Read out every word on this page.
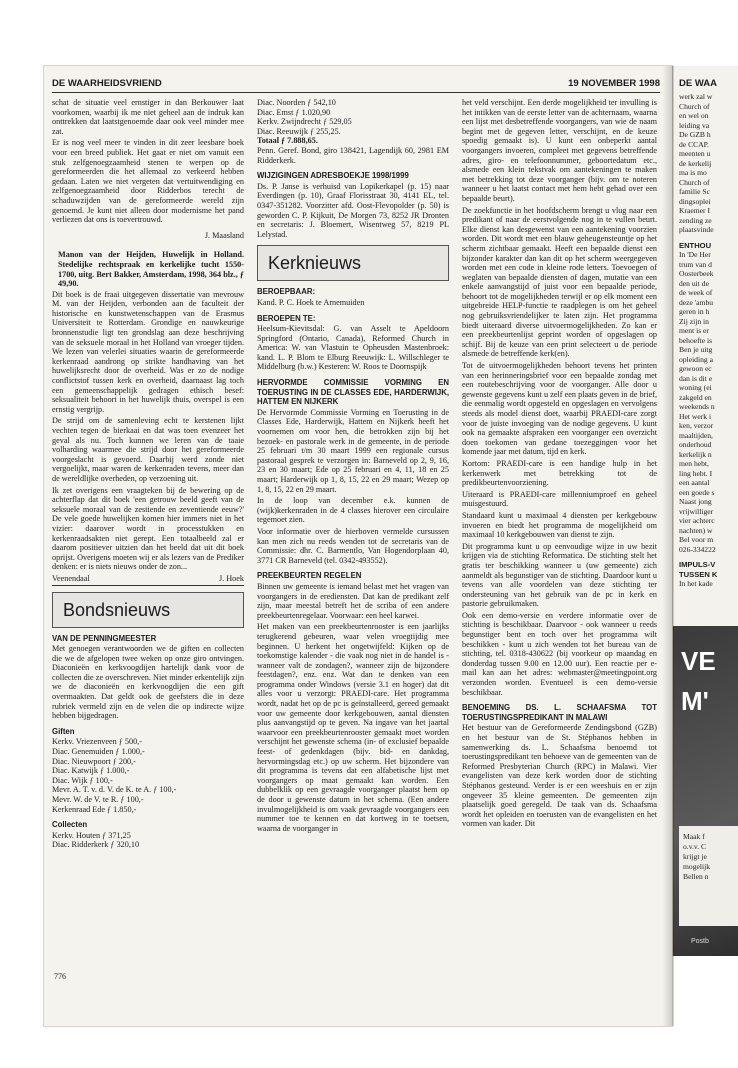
DE WAA
werk zal w
Church of
en wel on
leiding va
De GZB h
de CCAP.
meenten u
de kerkelij
ma is mo
Church of
familie Sc
dingsoplei
Kraemer I
zending ze
plaatsvinde
ENTHOU
In 'De Her
trum van d
Oosterbeek
den uit de
de week of
deze 'ambu
geren in h
Zij zijn in
ment is er
behoefte is
Ben je uitg
opleiding a
gewoon ec
dan is dit e
woning (ei
zakgeld en
weekends n
Het werk i
ken, verzor
maaltijden,
onderhoud
kerkelijk n
men hebt,
ling hebt. I
een aantal
een goede s
Naast jong
vrijwilliger
vier achterc
nachten) w
Bel voor m
026-334222
IMPULS-V
TUSSEN K
In het kade
VE
M'
Maak f
o.v.v. C
krijgt je
mogelijk
Bellen n
Postb
DE WAARHEIDSVRIEND	19 NOVEMBER 1998

schat de situatie veel ernstiger in dan Berkouwer laat voorkomen, waarbij ik me niet geheel aan de indruk kan onttrekken dat laatstgenoemde daar ook veel minder mee zat.

Er is nog veel meer te vinden in dit zeer leesbare boek voor een breed publiek. Het gaat er niet om vanuit een stuk zelfgenoegzaamheid stenen te werpen op de gereformeerden die het allemaal zo verkeerd hebben gedaan. Laten we niet vergeten dat vertuitwendiging en zelfgenoegzaamheid door Ridderbos terecht de schaduwzijden van de gereformeerde wereld zijn genoemd. Je kunt niet alleen door modernisme het pand verliezen dat ons is toevertrouwd.

J. Maasland
Manon van der Heijden, Huwelijk in Holland. Stedelijke rechtspraak en kerkelijke tucht 1550-1700, uitg. Bert Bakker, Amsterdam, 1998, 364 blz., ƒ 49,90.

Dit boek is de fraai uitgegeven dissertatie van mevrouw M. van der Heijden, verbonden aan de faculteit der historische en kunstwetenschappen van de Erasmus Universiteit te Rotterdam. Grondige en nauwkeurige bronnenstudie ligt ten grondslag aan deze beschrijving van de seksuele moraal in het Holland van vroeger tijden. We lezen van velerlei situaties waarin de gereformeerde kerkenraad aandrong op strikte handhaving van het huwelijksrecht door de overheid. Was er zo de nodige conflictstof tussen kerk en overheid, daarnaast lag toch een gemeenschappelijk gedragen ethisch besef: seksualiteit behoort in het huwelijk thuis, overspel is een ernstig vergrijp.

De strijd om de samenleving echt te kerstenen lijkt vechten tegen de bierkaai en dat was toen evenzeer het geval als nu. Toch kunnen we leren van de taaie volharding waarmee die strijd door het gereformeerde voorgeslacht is gevoerd. Daarbij werd zonde niet vergoelijkt, maar waren de kerkenraden tevens, meer dan de wereldlijke overheden, op verzoening uit.

Ik zet overigens een vraagteken bij de bewering op de achterflap dat dit boek 'een getrouw beeld geeft van de seksuele moraal van de zestiende en zeventiende eeuw?' De vele goede huwelijken komen hier immers niet in het vizier: daarover wordt in processtukken en kerkenraadsakten niet gerept. Een totaalbeeld zal er daarom positiever uitzien dan het beeld dat uit dit boek oprijst. Overigens moeten wij er als lezers van de Prediker denken: er is niets nieuws onder de zon...

Veenendaal	J. Hoek
Bondsnieuws
VAN DE PENNINGMEESTER

Met genoegen verantwoorden we de giften en collecten die we de afgelopen twee weken op onze giro ontvingen. Diaconieën en kerkvoogdijen hartelijk dank voor de collecten die ze overschreven. Niet minder erkentelijk zijn we de diaconieën en kerkvoogdijen die een gift overmaakten. Dat geldt ook de geefsters die in deze rubriek vermeld zijn en de velen die op indirecte wijze hebben bijgedragen.

Giften

Kerkv. Vriezenveen ƒ 500,-

Diac. Genemuiden ƒ 1.000,-

Diac. Nieuwpoort ƒ 200,-

Diac. Katwijk ƒ 1.000,-

Diac. Wijk ƒ 100,-

Mevr. A. T. v. d. V. de K. te A. ƒ 100,-

Mevr. W. de V. te R. ƒ 100,-

Kerkenraad Ede ƒ 1.850,-

Collecten

Kerkv. Houten ƒ 371,25

Diac. Ridderkerk ƒ 320,10

Diac. Noorden ƒ 542,10

Diac. Emst ƒ 1.020,90

Kerkv. Zwijndrecht ƒ 529,05

Diac. Reeuwijk ƒ 255,25.

Totaal ƒ 7.888,65.

Penn. Geref. Bond, giro 138421, Lagendijk 60, 2981 EM Ridderkerk.

WIJZIGINGEN ADRESBOEKJE 1998/1999

Ds. P. Janse is verhuisd van Lopikerkapel (p. 15) naar Everdingen (p. 10), Graaf Florisstraat 30, 4141 EL, tel. 0347-351282. Voorzitter afd. Oost-Flevopolder (p. 50) is geworden C. P. Kijkuit, De Morgen 73, 8252 JR Dronten en secretaris: J. Bloemert, Wisentweg 57, 8219 PL Lelystad.

Kerknieuws
BEROEPBAAR:

Kand. P. C. Hoek te Arnemuiden

BEROEPEN TE:

Heelsum-Kievitsdal: G. van Asselt te Apeldoorn Springford (Ontario, Canada), Reformed Church in America: W. van Vlastuin te Opheusden Mastenbroek: kand. L. P. Blom te Elburg Reeuwijk: L. Willschleger te Middelburg (b.w.) Kesteren: W. Roos te Doornspijk

HERVORMDE COMMISSIE VORMING EN TOERUSTING IN DE CLASSES EDE, HARDERWIJK, HATTEM EN NIJKERK

De Hervormde Commissie Vorming en Toerusting in de Classes Ede, Harderwijk, Hattem en Nijkerk heeft het voornemen om voor hen, die betrokken zijn bij het bezoek- en pastorale werk in de gemeente, in de periode 25 februari t/m 30 maart 1999 een regionale cursus pastoraal gesprek te verzorgen in: Barneveld op 2, 9, 16, 23 en 30 maart; Ede op 25 februari en 4, 11, 18 en 25 maart; Harderwijk op 1, 8, 15, 22 en 29 maart; Wezep op 1, 8, 15, 22 en 29 maart.

In de loop van december e.k. kunnen de (wijk)kerkenraden in de 4 classes hierover een circulaire tegemoet zien.

Voor informatie over de hierboven vermelde cursussen kan men zich nu reeds wenden tot de secretaris van de Commissie: dhr. C. Barmentlo, Van Hogendorplaan 40, 3771 CR Barneveld (tel. 0342-493552).

PREEKBEURTEN REGELEN

Binnen uw gemeente is iemand belast met het vragen van voorgangers in de erediensten. Dat kan de predikant zelf zijn, maar meestal betreft het de scriba of een andere preekbeurtenregelaar. Voorwaar: een heel karwei.

Het maken van een preekbeurtenrooster is een jaarlijks terugkerend gebeuren, waar velen vroegtijdig mee beginnen. U herkent het ongetwijfeld: Kijken op de toekomstige kalender - die vaak nog niet in de handel is - wanneer valt de zondagen?, wanneer zijn de bijzondere feestdagen?, enz. enz. Wat dan te denken van een programma onder Windows (versie 3.1 en hoger) dat dit alles voor u verzorgt: PRAEDI-care. Het programma wordt, nadat het op de pc is geïnstalleerd, gereed gemaakt voor uw gemeente door kerkgebouwen, aantal diensten plus aanvangstijd op te geven. Na ingave van het jaartal waarvoor een preekbeurtenrooster gemaakt moet worden verschijnt het gewenste schema (in- of exclusief bepaalde feest- of gedenkdagen (bijv. bid- en dankdag, hervormingsdag etc.) op uw scherm. Het bijzondere van dit programma is tevens dat een alfabetische lijst met voorgangers op maat gemaakt kan worden. Een dubbelklik op een gevraagde voorganger plaatst hem op de door u gewenste datum in het schema. (Een andere invulmogelijkheid is om vaak gevraagde voorgangers een nummer toe te kennen en dat kortweg in te toetsen, waarna de voorganger in

het veld verschijnt. Een derde mogelijkheid ter invulling is het intikken van de eerste letter van de achternaam, waarna een lijst met desbetreffende voorgangers, van wie de naam begint met de gegeven letter, verschijnt, en de keuze spoedig gemaakt is). U kunt een onbeperkt aantal voorgangers invoeren, compleet met gegevens betreffende adres, giro- en telefoonnummer, geboortedatum etc., alsmede een klein tekstvak om aantekeningen te maken met betrekking tot deze voorganger (bijv. om te noteren wanneer u het laatst contact met hem hebt gehad over een bepaalde beurt).

De zoekfunctie in het hoofdscherm brengt u vlug naar een predikant of naar de eerstvolgende nog in te vullen beurt. Elke dienst kan desgewenst van een aantekening voorzien worden. Dit wordt met een blauw geheugensteuntje op het scherm zichtbaar gemaakt. Heeft een bepaalde dienst een bijzonder karakter dan kan dit op het scherm weergegeven worden met een code in kleine rode letters. Toevoegen of weglaten van bepaalde diensten of dagen, mutatie van een enkele aanvangstijd of juist voor een bepaalde periode, behoort tot de mogelijkheden terwijl er op elk moment een uitgebreide HELP-functie te raadplegen is om het geheel nog gebruiksvriendelijker te laten zijn. Het programma biedt uiteraard diverse uitvoermogelijkheden. Zo kan er een preekbeurtenlijst geprint worden of opgeslagen op schijf. Bij de keuze van een print selecteert u de periode alsmede de betreffende kerk(en).

Tot de uitvoermogelijkheden behoort tevens het printen van een herinneringsbrief voor een bepaalde zondag met een routebeschrijving voor de voorganger. Alle door u gewenste gegevens kunt u zelf een plaats geven in de brief, die eenmalig wordt opgesteld en opgeslagen en vervolgens steeds als model dienst doet, waarbij PRAEDI-care zorgt voor de juiste invoeging van de nodige gegevens. U kunt ook na gemaakte afspraken een voorganger een overzicht doen toekomen van gedane toezeggingen voor het komende jaar met datum, tijd en kerk.

Kortom: PRAEDI-care is een handige hulp in het kerkenwerk met betrekking tot de predikbeurtenvoorziening.

Uiteraard is PRAEDI-care millenniumproef en geheel muisgestuurd.

Standaard kunt u maximaal 4 diensten per kerkgebouw invoeren en biedt het programma de mogelijkheid om maximaal 10 kerkgebouwen van dienst te zijn.

Dit programma kunt u op eenvoudige wijze in uw bezit krijgen via de stichting Reformatica. De stichting stelt het gratis ter beschikking wanneer u (uw gemeente) zich aanmeldt als begunstiger van de stichting. Daardoor kunt u tevens van alle voordelen van deze stichting ter ondersteuning van het gebruik van de pc in kerk en pastorie gebruikmaken.

Ook een demo-versie en verdere informatie over de stichting is beschikbaar. Daarvoor - ook wanneer u reeds begunstiger bent en toch over het programma wilt beschikken - kunt u zich wenden tot het bureau van de stichting, tel. 0318-430622 (bij voorkeur op maandag en donderdag tussen 9.00 en 12.00 uur). Een reactie per e-mail kan aan het adres: webmaster@meetingpoint.org verzonden worden. Eventueel is een demo-versie beschikbaar.

BENOEMING DS. L. SCHAAFSMA TOT TOERUSTINGSPREDIKANT IN MALAWI

Het bestuur van de Gereformeerde Zendingsbond (GZB) en het bestuur van de St. Stéphanos hebben in samenwerking ds. L. Schaafsma benoemd tot toerustingspredikant ten behoeve van de gemeenten van de Reformed Presbyterian Church (RPC) in Malawi. Vier evangelisten van deze kerk worden door de stichting Stéphanos gesteund. Verder is er een weeshuis en er zijn ongeveer 35 kleine gemeenten. De gemeenten zijn plaatselijk goed geregeld. De taak van ds. Schaafsma wordt het opleiden en toerusten van de evangelisten en het vormen van kader. Dit

776
